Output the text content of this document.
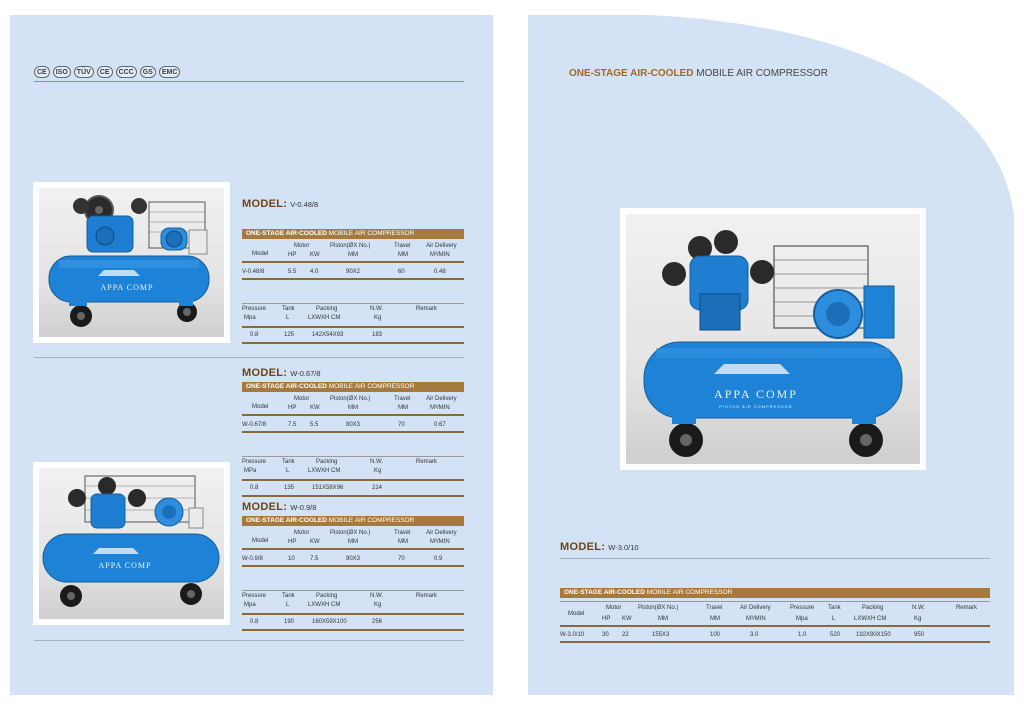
CE	ISO	TÜV	CE	CCC	GS	EMC
APPA COMP
APPA COMP
MODEL: V-0.48/8
ONE-STAGE AIR-COOLED MOBILE AIR COMPRESSOR
Model
Motor	Piston(ØX No.)	Travel	Air Delivery
HP KW	MM	MM	M³/MIN
V-0.48/8	5.5 4.0	90X2	60	0.48
Pressure	Tank	Packing	N.W.	Remark
Mpa	L	LXWXH CM	Kg
0.8	125	142X54X93	183
MODEL: W-0.67/8
ONE-STAGE AIR-COOLED MOBILE AIR COMPRESSOR
Model
Motor	Piston(ØX No.)	Travel	Air Delivery
HP KW	MM	MM	M³/MIN
W-0.67/8	7.5 5.5	80X3	70	0.67
Pressure	Tank	Packing	N.W.	Remark
MPa	L	LXWXH CM	Kg
0.8	135	151X58X96	214
MODEL: W-0.9/8
ONE-STAGE AIR-COOLED MOBILE AIR COMPRESSOR
Model
Motor	Piston(ØX No.)	Travel	Air Delivery
HP KW	MM	MM	M³/MIN
W-0.9/8	10	7.5	90X3	70	0.9
Pressure	Tank	Packing	N.W.	Remark
Mpa	L	LXWXH CM	Kg
0.8	190	160X59X100	256
ONE-STAGE AIR-COOLED MOBILE AIR COMPRESSOR
APPA COMP
PISTON AIR COMPRESSOR
MODEL: W-3.0/10
ONE-STAGE AIR-COOLED MOBILE AIR COMPRESSOR
Model
Motor	Piston(ØX No.)	Travel	Air Delivery	Pressure Tank	Packing	N.W.	Remark
HP KW	MM	MM	M³/MIN	Mpa	L	LXWXH CM	Kg
W-3.0/10	30 22	155X3	100	3.0	1.0	520	192X80X150	950
